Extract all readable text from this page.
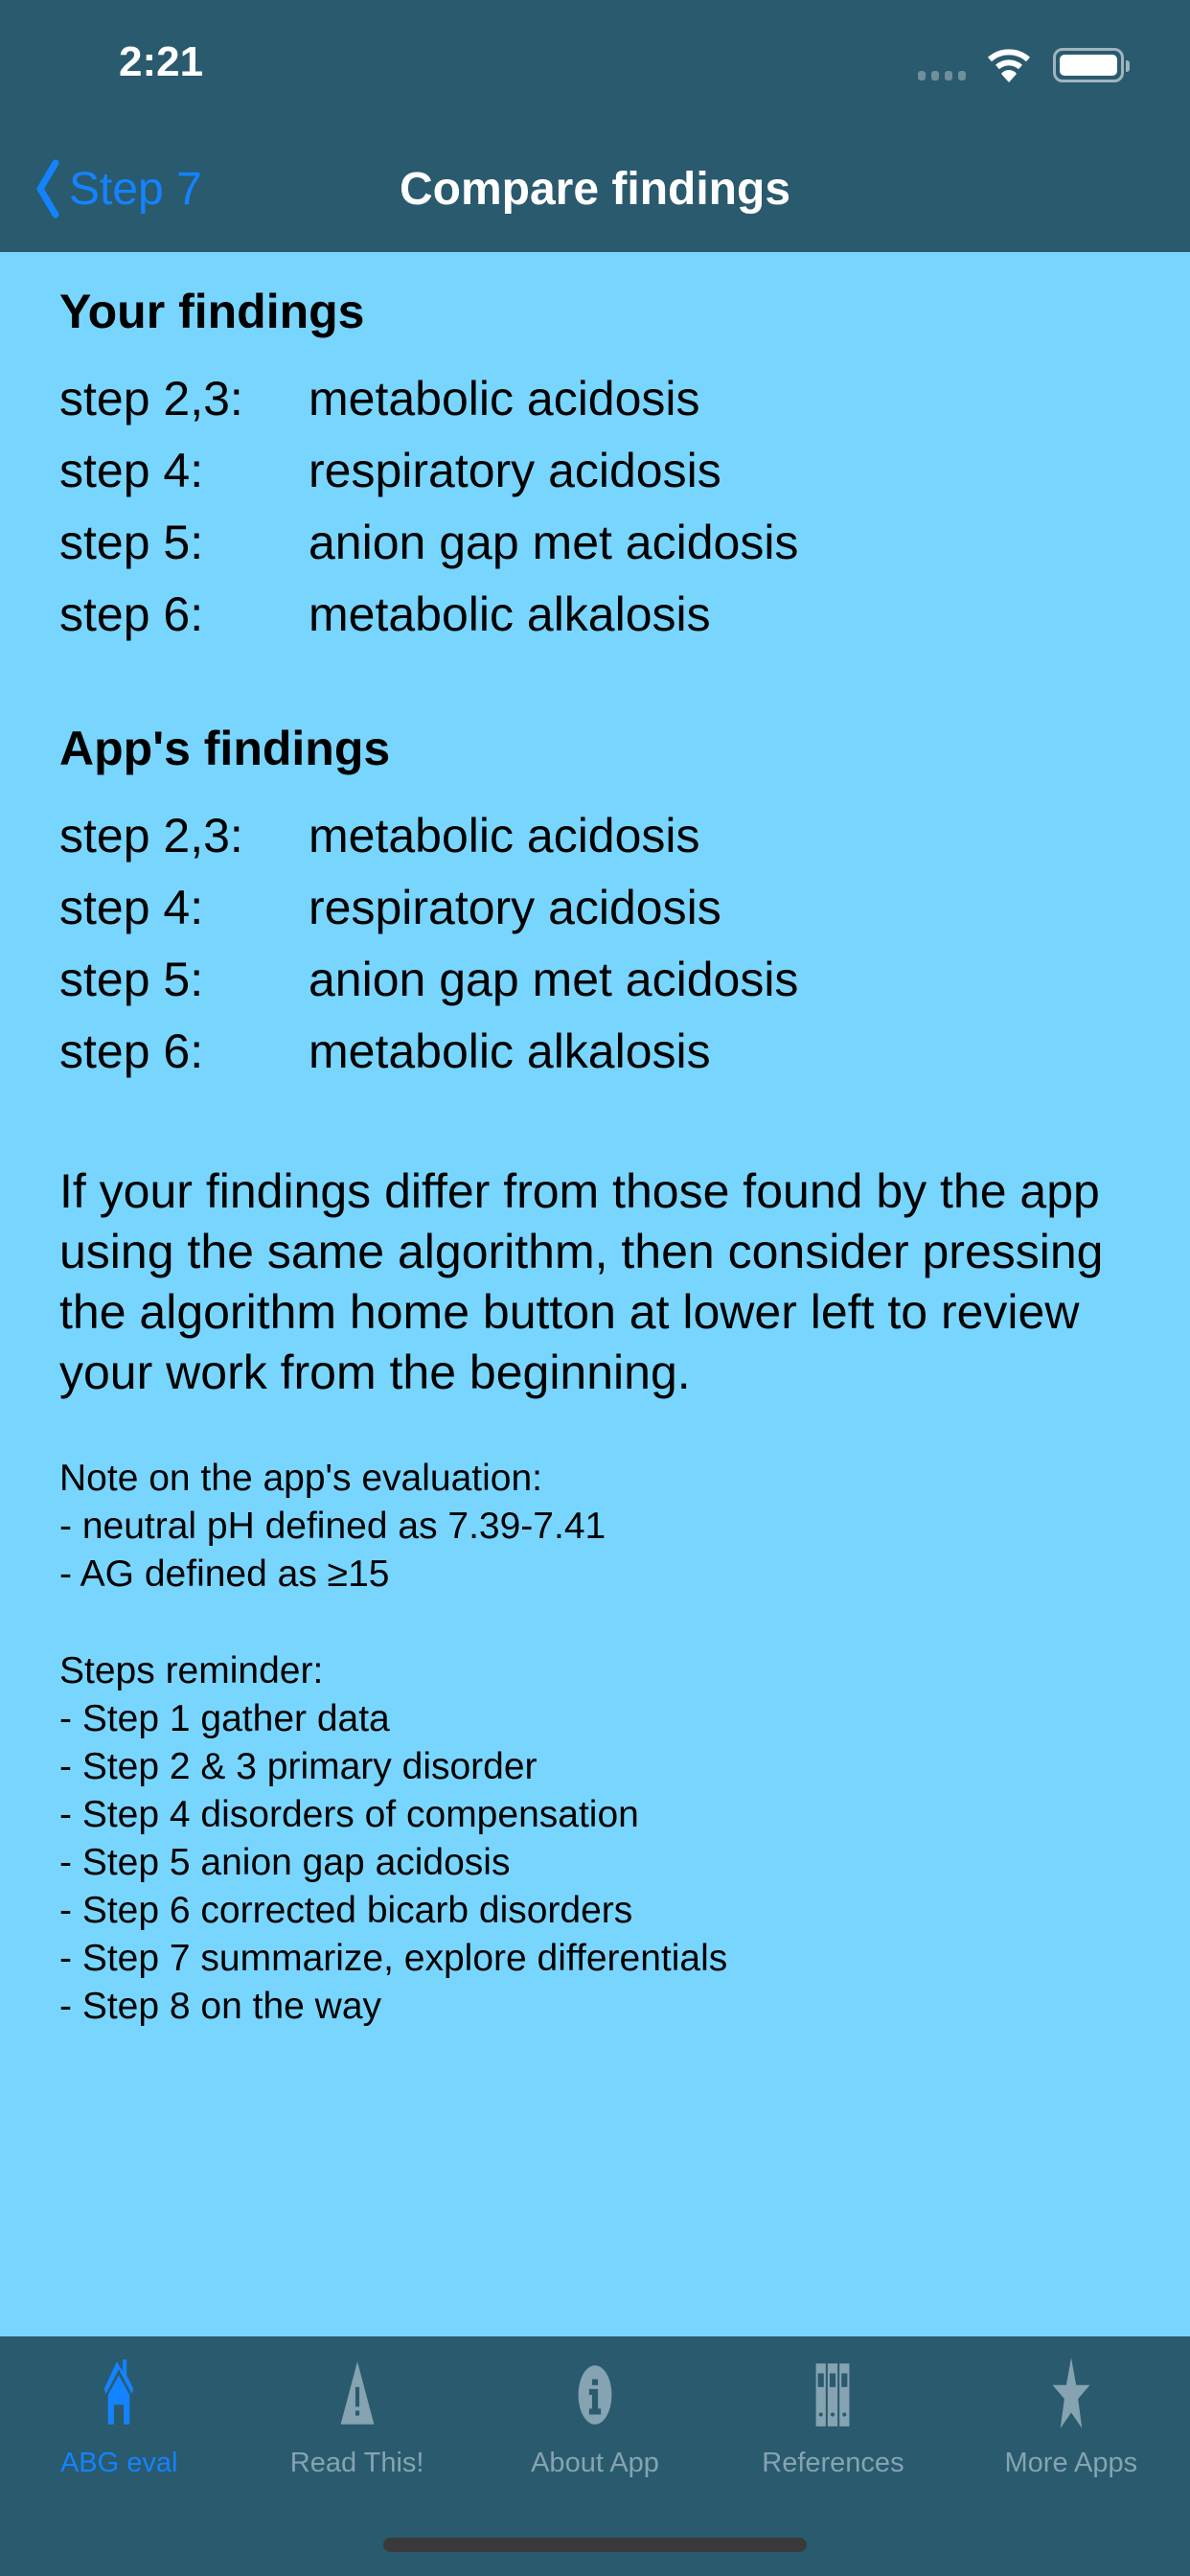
2:21
Step 7	Compare findings
Your findings
step 2,3:	metabolic acidosis
step 4:	respiratory acidosis
step 5:	anion gap met acidosis
step 6:	metabolic alkalosis
App's findings
step 2,3:	metabolic acidosis
step 4:	respiratory acidosis
step 5:	anion gap met acidosis
step 6:	metabolic alkalosis
If your findings differ from those found by the app using the same algorithm, then consider pressing the algorithm home button at lower left to review your work from the beginning.
Note on the app's evaluation:
- neutral pH defined as 7.39-7.41
- AG defined as ≥15
Steps reminder:
- Step 1 gather data
- Step 2 & 3 primary disorder
- Step 4 disorders of compensation
- Step 5 anion gap acidosis
- Step 6 corrected bicarb disorders
- Step 7 summarize, explore differentials
- Step 8 on the way
ABG eval	Read This!	About App	References	More Apps
